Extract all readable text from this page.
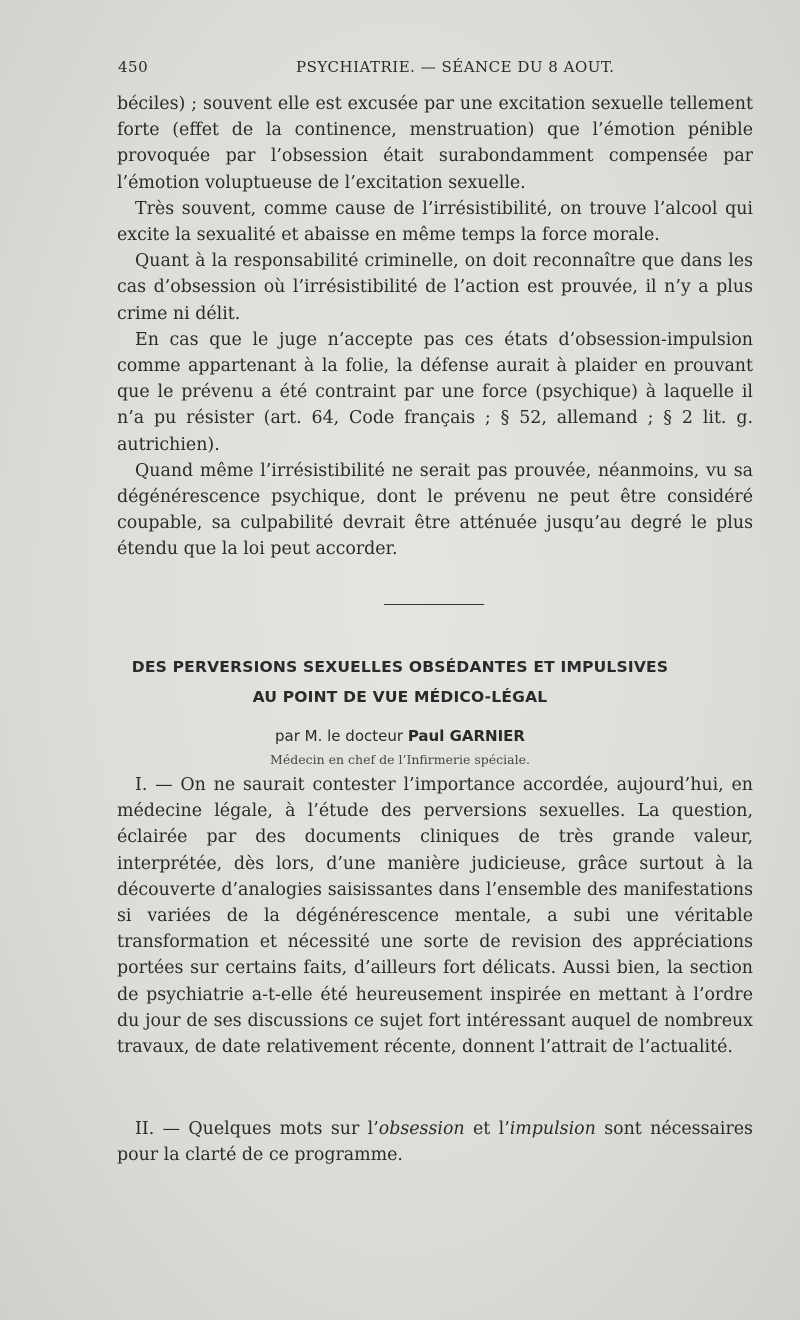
450	PSYCHIATRIE. — SÉANCE DU 8 AOUT.

béciles) ; souvent elle est excusée par une excitation sexuelle tellement forte (effet de la continence, menstruation) que l’émotion pénible provoquée par l’obsession était surabondamment compensée par l’émotion voluptueuse de l’excitation sexuelle.

Très souvent, comme cause de l’irrésistibilité, on trouve l’alcool qui excite la sexualité et abaisse en même temps la force morale.

Quant à la responsabilité criminelle, on doit reconnaître que dans les cas d’obsession où l’irrésistibilité de l’action est prouvée, il n’y a plus crime ni délit.

En cas que le juge n’accepte pas ces états d’obsession-impulsion comme appartenant à la folie, la défense aurait à plaider en prouvant que le prévenu a été contraint par une force (psychique) à laquelle il n’a pu résister (art. 64, Code français ; § 52, allemand ; § 2 lit. g. autrichien).

Quand même l’irrésistibilité ne serait pas prouvée, néanmoins, vu sa dégénérescence psychique, dont le prévenu ne peut être considéré coupable, sa culpabilité devrait être atténuée jusqu’au degré le plus étendu que la loi peut accorder.

DES PERVERSIONS SEXUELLES OBSÉDANTES ET IMPULSIVES
AU POINT DE VUE MÉDICO-LÉGAL
par M. le docteur Paul GARNIER
Médecin en chef de l’Infirmerie spéciale.

I. — On ne saurait contester l’importance accordée, aujourd’hui, en médecine légale, à l’étude des perversions sexuelles. La question, éclairée par des documents cliniques de très grande valeur, interprétée, dès lors, d’une manière judicieuse, grâce surtout à la découverte d’analogies saisissantes dans l’ensemble des manifestations si variées de la dégénérescence mentale, a subi une véritable transformation et nécessité une sorte de revision des appréciations portées sur certains faits, d’ailleurs fort délicats. Aussi bien, la section de psychiatrie a-t-elle été heureusement inspirée en mettant à l’ordre du jour de ses discussions ce sujet fort intéressant auquel de nombreux travaux, de date relativement récente, donnent l’attrait de l’actualité.

II. — Quelques mots sur l’obsession et l’impulsion sont nécessaires pour la clarté de ce programme.
